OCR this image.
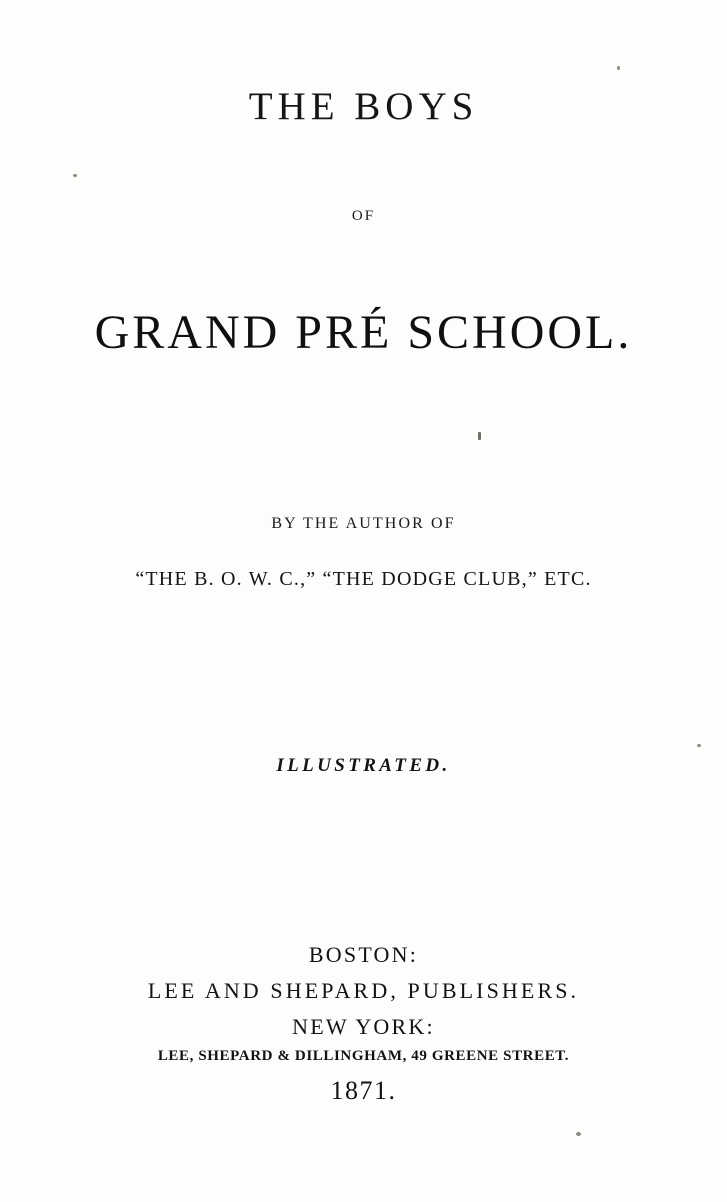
THE BOYS
OF
GRAND PRÉ SCHOOL.
BY THE AUTHOR OF
“THE B. O. W. C.,” “THE DODGE CLUB,” ETC.
ILLUSTRATED.
BOSTON:
LEE AND SHEPARD, PUBLISHERS.
NEW YORK:
LEE, SHEPARD & DILLINGHAM, 49 GREENE STREET.
1871.
